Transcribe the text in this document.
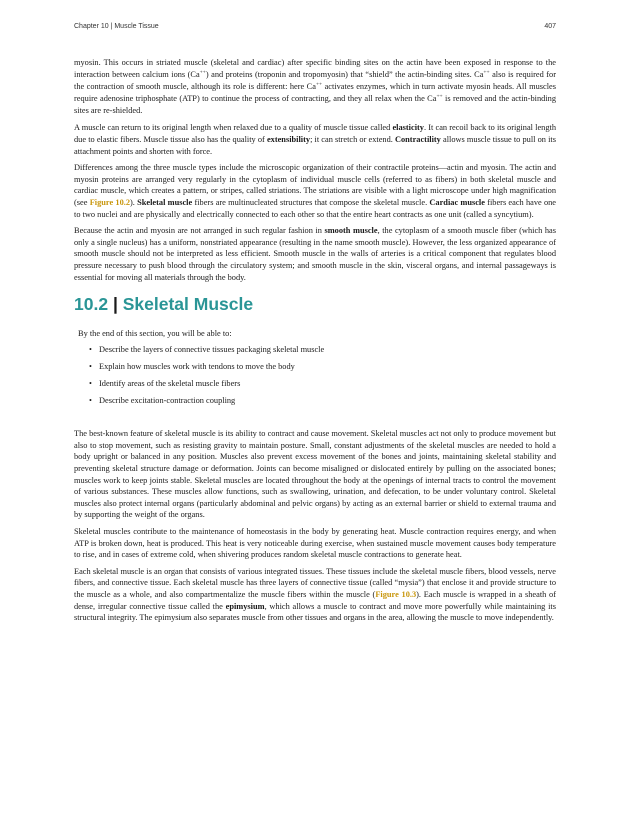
Chapter 10 | Muscle Tissue	407

myosin. This occurs in striated muscle (skeletal and cardiac) after specific binding sites on the actin have been exposed in response to the interaction between calcium ions (Ca++) and proteins (troponin and tropomyosin) that “shield” the actin-binding sites. Ca++ also is required for the contraction of smooth muscle, although its role is different: here Ca++ activates enzymes, which in turn activate myosin heads. All muscles require adenosine triphosphate (ATP) to continue the process of contracting, and they all relax when the Ca++ is removed and the actin-binding sites are re-shielded.

A muscle can return to its original length when relaxed due to a quality of muscle tissue called elasticity. It can recoil back to its original length due to elastic fibers. Muscle tissue also has the quality of extensibility; it can stretch or extend. Contractility allows muscle tissue to pull on its attachment points and shorten with force.

Differences among the three muscle types include the microscopic organization of their contractile proteins—actin and myosin. The actin and myosin proteins are arranged very regularly in the cytoplasm of individual muscle cells (referred to as fibers) in both skeletal muscle and cardiac muscle, which creates a pattern, or stripes, called striations. The striations are visible with a light microscope under high magnification (see Figure 10.2). Skeletal muscle fibers are multinucleated structures that compose the skeletal muscle. Cardiac muscle fibers each have one to two nuclei and are physically and electrically connected to each other so that the entire heart contracts as one unit (called a syncytium).

Because the actin and myosin are not arranged in such regular fashion in smooth muscle, the cytoplasm of a smooth muscle fiber (which has only a single nucleus) has a uniform, nonstriated appearance (resulting in the name smooth muscle). However, the less organized appearance of smooth muscle should not be interpreted as less efficient. Smooth muscle in the walls of arteries is a critical component that regulates blood pressure necessary to push blood through the circulatory system; and smooth muscle in the skin, visceral organs, and internal passageways is essential for moving all materials through the body.

10.2 | Skeletal Muscle

By the end of this section, you will be able to:

• Describe the layers of connective tissues packaging skeletal muscle
• Explain how muscles work with tendons to move the body
• Identify areas of the skeletal muscle fibers
• Describe excitation-contraction coupling

The best-known feature of skeletal muscle is its ability to contract and cause movement. Skeletal muscles act not only to produce movement but also to stop movement, such as resisting gravity to maintain posture. Small, constant adjustments of the skeletal muscles are needed to hold a body upright or balanced in any position. Muscles also prevent excess movement of the bones and joints, maintaining skeletal stability and preventing skeletal structure damage or deformation. Joints can become misaligned or dislocated entirely by pulling on the associated bones; muscles work to keep joints stable. Skeletal muscles are located throughout the body at the openings of internal tracts to control the movement of various substances. These muscles allow functions, such as swallowing, urination, and defecation, to be under voluntary control. Skeletal muscles also protect internal organs (particularly abdominal and pelvic organs) by acting as an external barrier or shield to external trauma and by supporting the weight of the organs.

Skeletal muscles contribute to the maintenance of homeostasis in the body by generating heat. Muscle contraction requires energy, and when ATP is broken down, heat is produced. This heat is very noticeable during exercise, when sustained muscle movement causes body temperature to rise, and in cases of extreme cold, when shivering produces random skeletal muscle contractions to generate heat.

Each skeletal muscle is an organ that consists of various integrated tissues. These tissues include the skeletal muscle fibers, blood vessels, nerve fibers, and connective tissue. Each skeletal muscle has three layers of connective tissue (called “mysia”) that enclose it and provide structure to the muscle as a whole, and also compartmentalize the muscle fibers within the muscle (Figure 10.3). Each muscle is wrapped in a sheath of dense, irregular connective tissue called the epimysium, which allows a muscle to contract and move more powerfully while maintaining its structural integrity. The epimysium also separates muscle from other tissues and organs in the area, allowing the muscle to move independently.
